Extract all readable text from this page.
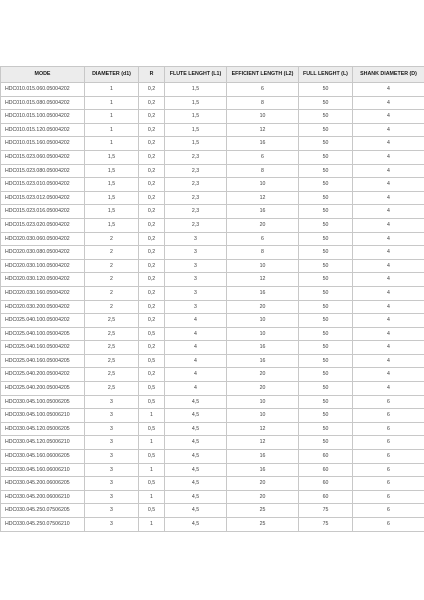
MODE	DIAMETER (d1)	R	FLUTE LENGHT (L1)	EFFICIENT LENGTH (L2)	FULL LENGHT (L)	SHANK DIAMETER (D)	
HDC010.015.060.05004202	1	0,2	1,5	6	50	4	
HDC010.015.080.05004202	1	0,2	1,5	8	50	4	
HDC010.015.100.05004202	1	0,2	1,5	10	50	4	
HDC010.015.120.05004202	1	0,2	1,5	12	50	4	
HDC010.015.160.05004202	1	0,2	1,5	16	50	4	
HDC015.023.060.05004202	1,5	0,2	2,3	6	50	4	
HDC015.023.080.05004202	1,5	0,2	2,3	8	50	4	
HDC015.023.010.05004202	1,5	0,2	2,3	10	50	4	
HDC015.023.012.05004202	1,5	0,2	2,3	12	50	4	
HDC015.023.016.05004202	1,5	0,2	2,3	16	50	4	
HDC015.023.020.05004202	1,5	0,2	2,3	20	50	4	
HDC020.030.060.05004202	2	0,2	3	6	50	4	
HDC020.030.080.05004202	2	0,2	3	8	50	4	
HDC020.030.100.05004202	2	0,2	3	10	50	4	
HDC020.030.120.05004202	2	0,2	3	12	50	4	
HDC020.030.160.05004202	2	0,2	3	16	50	4	
HDC020.030.200.05004202	2	0,2	3	20	50	4	
HDC025.040.100.05004202	2,5	0,2	4	10	50	4	
HDC025.040.100.05004205	2,5	0,5	4	10	50	4	
HDC025.040.160.05004202	2,5	0,2	4	16	50	4	
HDC025.040.160.05004205	2,5	0,5	4	16	50	4	
HDC025.040.200.05004202	2,5	0,2	4	20	50	4	
HDC025.040.200.05004205	2,5	0,5	4	20	50	4	
HDC030.045.100.05006205	3	0,5	4,5	10	50	6	
HDC030.045.100.05006210	3	1	4,5	10	50	6	
HDC030.045.120.05006205	3	0,5	4,5	12	50	6	
HDC030.045.120.05006210	3	1	4,5	12	50	6	
HDC030.045.160.06006205	3	0,5	4,5	16	60	6	
HDC030.045.160.06006210	3	1	4,5	16	60	6	
HDC030.045.200.06006205	3	0,5	4,5	20	60	6	
HDC030.045.200.06006210	3	1	4,5	20	60	6	
HDC030.045.250.07506205	3	0,5	4,5	25	75	6	
HDC030.045.250.07506210	3	1	4,5	25	75	6	
